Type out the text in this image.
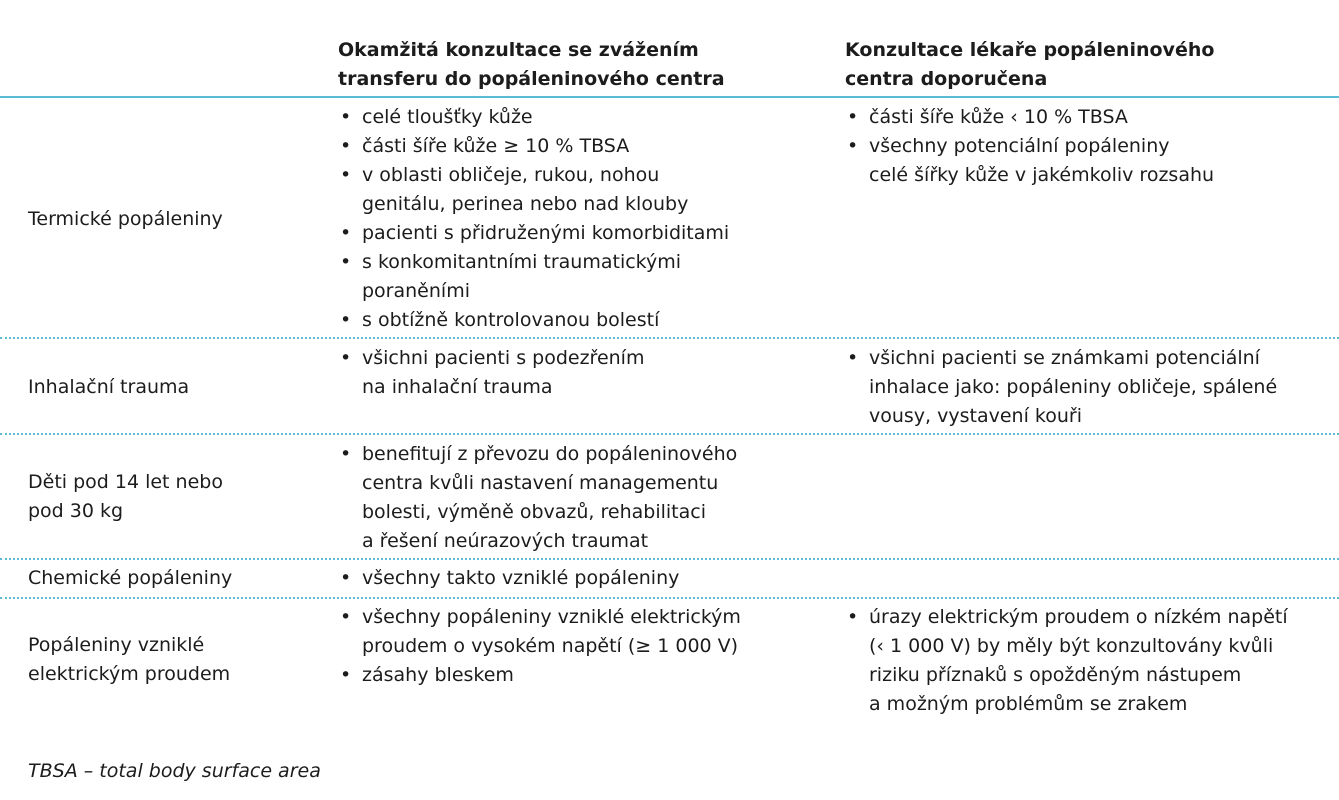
Okamžitá konzultace se zvážením
transferu do popáleninového centra
Konzultace lékaře popáleninového
centra doporučena
Termické popáleniny
• celé tloušťky kůže
• části šíře kůže ≥ 10 % TBSA
• v oblasti obličeje, rukou, nohou
genitálu, perinea nebo nad klouby
• pacienti s přidruženými komorbiditami
• s konkomitantními traumatickými
poraněními
• s obtížně kontrolovanou bolestí
• části šíře kůže ‹ 10 % TBSA
• všechny potenciální popáleniny
celé šířky kůže v jakémkoliv rozsahu
Inhalační trauma
• všichni pacienti s podezřením
na inhalační trauma
• všichni pacienti se známkami potenciální
inhalace jako: popáleniny obličeje, spálené
vousy, vystavení kouři
Děti pod 14 let nebo
pod 30 kg
• benefitují z převozu do popáleninového
centra kvůli nastavení managementu
bolesti, výměně obvazů, rehabilitaci
a řešení neúrazových traumat
Chemické popáleniny
•	všechny takto vzniklé popáleniny
Popáleniny vzniklé
elektrickým proudem
• všechny popáleniny vzniklé elektrickým
proudem o vysokém napětí (≥ 1 000 V)
• zásahy bleskem
• úrazy elektrickým proudem o nízkém napětí
(‹ 1 000 V) by měly být konzultovány kvůli
riziku příznaků s opožděným nástupem
a možným problémům se zrakem
TBSA – total body surface area
